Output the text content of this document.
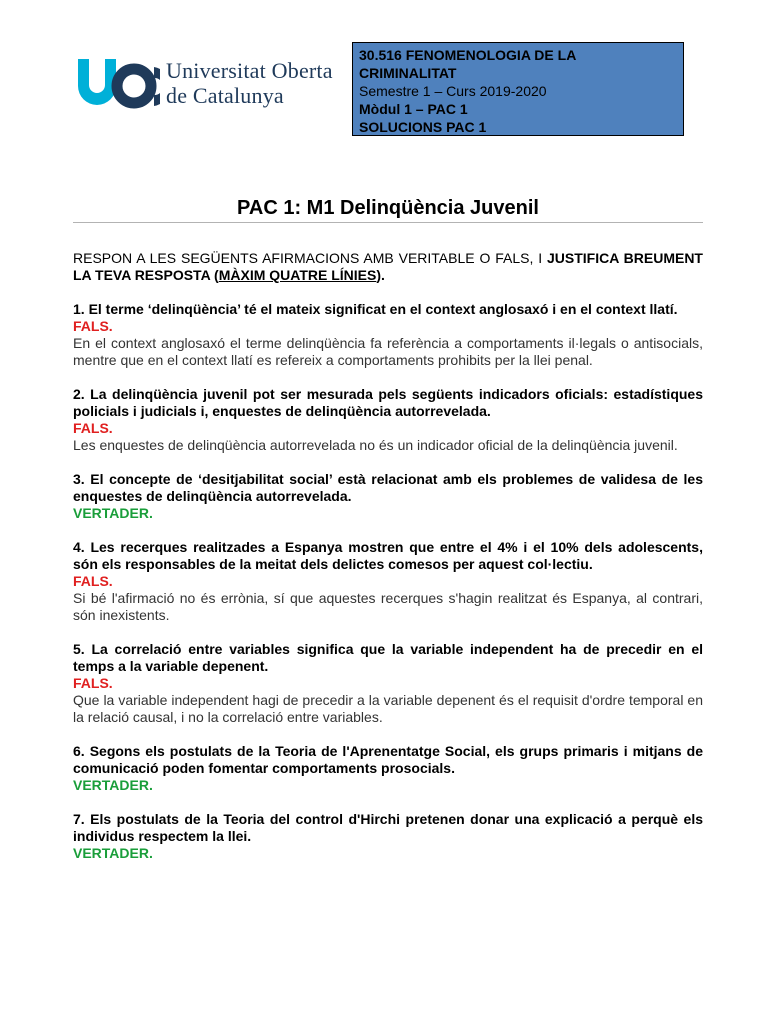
Universitat Oberta
de Catalunya
30.516 FENOMENOLOGIA DE LA CRIMINALITAT
Semestre 1 – Curs 2019-2020
Mòdul 1 – PAC 1
SOLUCIONS PAC 1
PAC 1: M1 Delinqüència Juvenil

RESPON A LES SEGÜENTS AFIRMACIONS AMB VERITABLE O FALS, I JUSTIFICA BREUMENT LA TEVA RESPOSTA (MÀXIM QUATRE LÍNIES).

1. El terme ‘delinqüència’ té el mateix significat en el context anglosaxó i en el context llatí.
FALS.
En el context anglosaxó el terme delinqüència fa referència a comportaments il·legals o antisocials, mentre que en el context llatí es refereix a comportaments prohibits per la llei penal.
2. La delinqüència juvenil pot ser mesurada pels següents indicadors oficials: estadístiques policials i judicials i, enquestes de delinqüència autorrevelada.
FALS.
Les enquestes de delinqüència autorrevelada no és un indicador oficial de la delinqüència juvenil.
3. El concepte de ‘desitjabilitat social’ està relacionat amb els problemes de validesa de les enquestes de delinqüència autorrevelada.
VERTADER.
4. Les recerques realitzades a Espanya mostren que entre el 4% i el 10% dels adolescents, són els responsables de la meitat dels delictes comesos per aquest col·lectiu.
FALS.
Si bé l'afirmació no és errònia, sí que aquestes recerques s'hagin realitzat és Espanya, al contrari, són inexistents.
5. La correlació entre variables significa que la variable independent ha de precedir en el temps a la variable depenent.
FALS.
Que la variable independent hagi de precedir a la variable depenent és el requisit d'ordre temporal en la relació causal, i no la correlació entre variables.
6. Segons els postulats de la Teoria de l'Aprenentatge Social, els grups primaris i mitjans de comunicació poden fomentar comportaments prosocials.
VERTADER.
7. Els postulats de la Teoria del control d'Hirchi pretenen donar una explicació a perquè els individus respectem la llei.
VERTADER.
